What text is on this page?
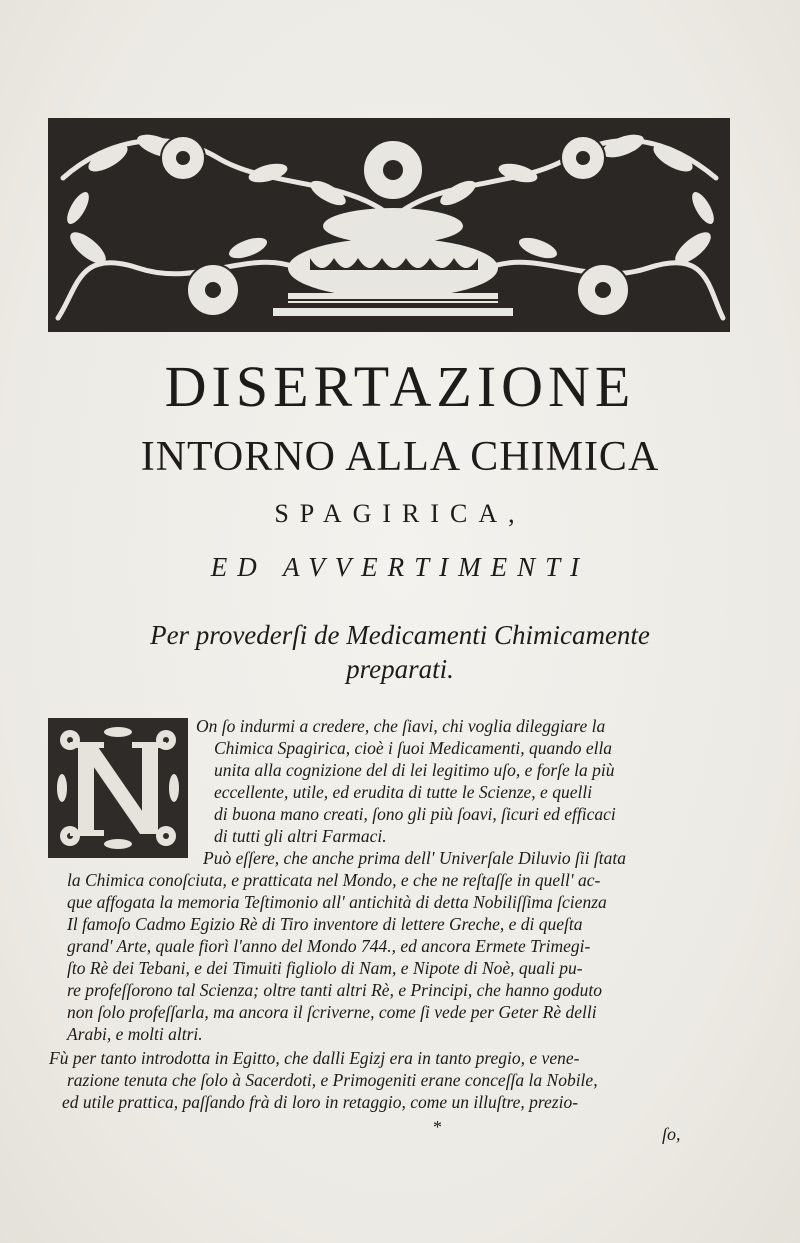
DISERTAZIONE
INTORNO ALLA CHIMICA
SPAGIRICA,
ED AVVERTIMENTI
Per provederſi de Medicamenti Chimicamente preparati.
On ſo indurmi a credere, che ſiavi, chi voglia dileggiare la
Chimica Spagirica, cioè i ſuoi Medicamenti, quando ella
unita alla cognizione del di lei legitimo uſo, e forſe la più
eccellente, utile, ed erudita di tutte le Scienze, e quelli
di buona mano creati, ſono gli più ſoavi, ſicuri ed efficaci
di tutti gli altri Farmaci.
Può eſſere, che anche prima dell' Univerſale Diluvio ſii ſtata
la Chimica conoſciuta, e pratticata nel Mondo, e che ne reſtaſſe in quell' ac-
que affogata la memoria Teſtimonio all' antichità di detta Nobiliſſima ſcienza
Il famoſo Cadmo Egizio Rè di Tiro inventore di lettere Greche, e di queſta
grand' Arte, quale fiorì l'anno del Mondo 744., ed ancora Ermete Trimegi-
ſto Rè dei Tebani, e dei Timuiti figliolo di Nam, e Nipote di Noè, quali pu-
re profeſſorono tal Scienza; oltre tanti altri Rè, e Principi, che hanno goduto
non ſolo profeſſarla, ma ancora il ſcriverne, come ſi vede per Geter Rè delli
Arabi, e molti altri.
Fù per tanto introdotta in Egitto, che dalli Egizj era in tanto pregio, e vene-
razione tenuta che ſolo à Sacerdoti, e Primogeniti erane conceſſa la Nobile,
ed utile prattica, paſſando frà di loro in retaggio, come un illuſtre, prezio-
*	ſo,
